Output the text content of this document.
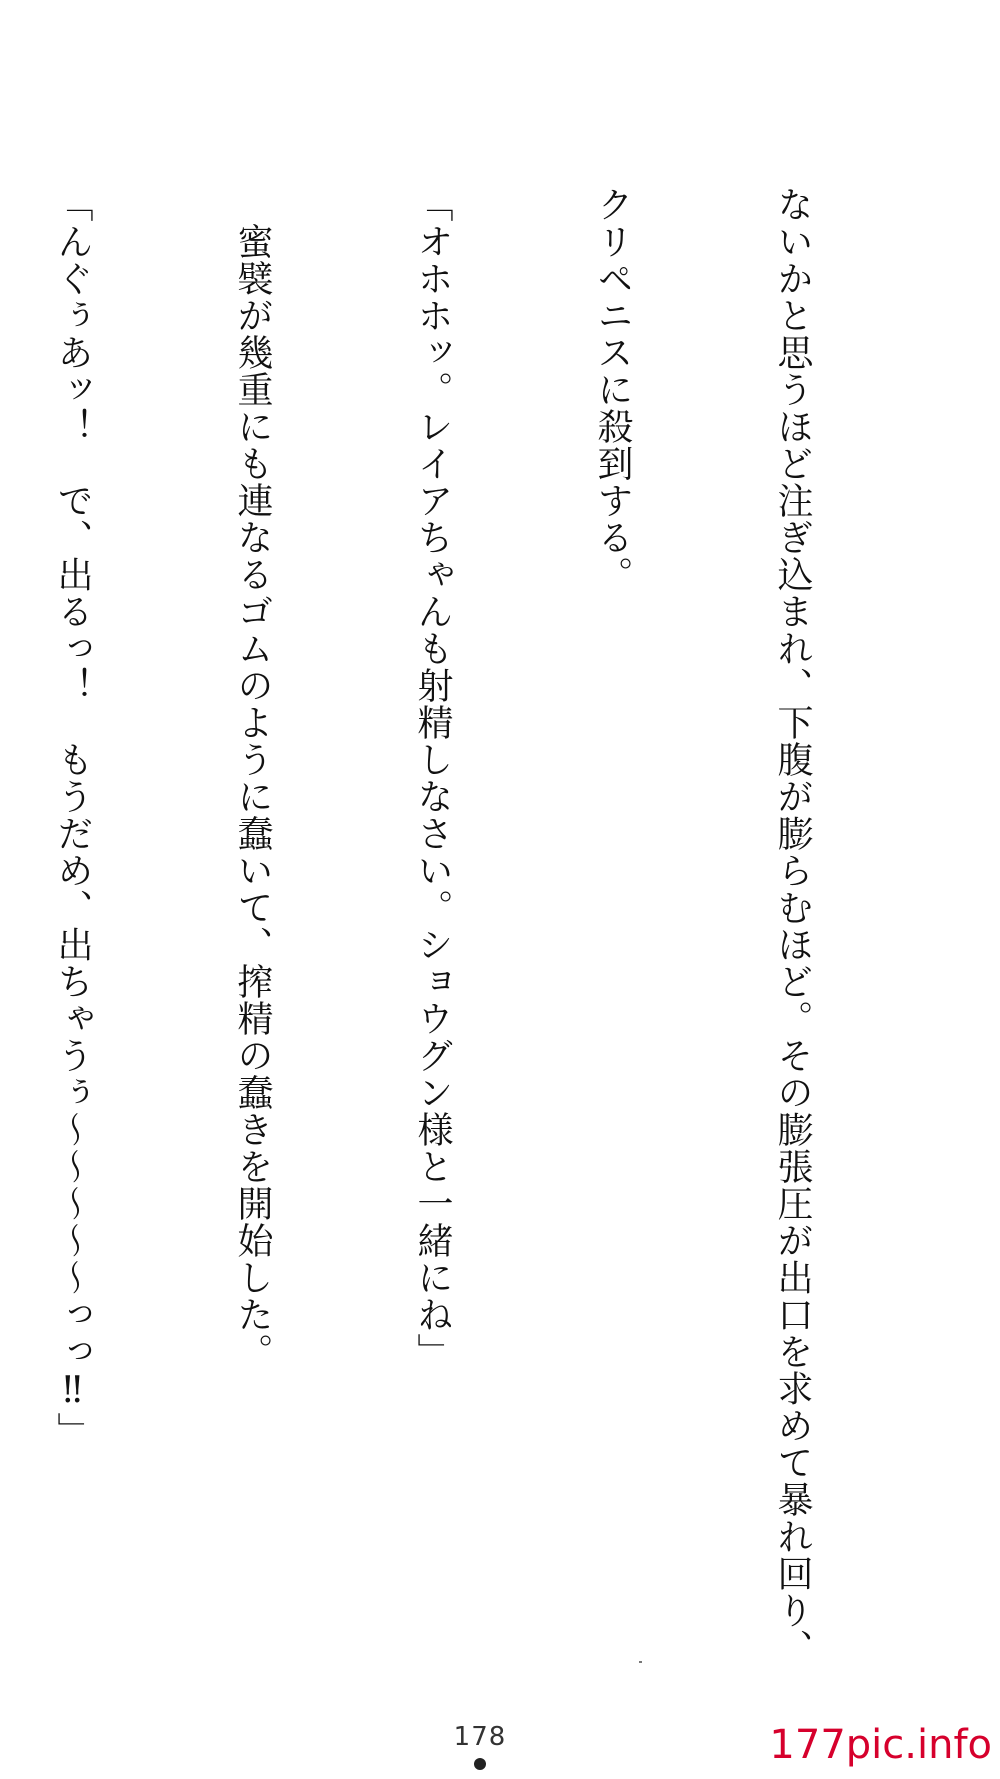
ないかと思うほど注ぎ込まれ、下腹が膨らむほど。その膨張圧が出口を求めて暴れ回り、

クリペニスに殺到する。

「オホホッ。レイアちゃんも射精しなさい。ショウグン様と一緒にね」

　蜜襞が幾重にも連なるゴムのように蠢いて、搾精の蠢きを開始した。

「んぐぅあッ！　で、出るっ！　もうだめ、出ちゃうぅ〜〜〜〜〜っっ‼」

178	177pic.info
